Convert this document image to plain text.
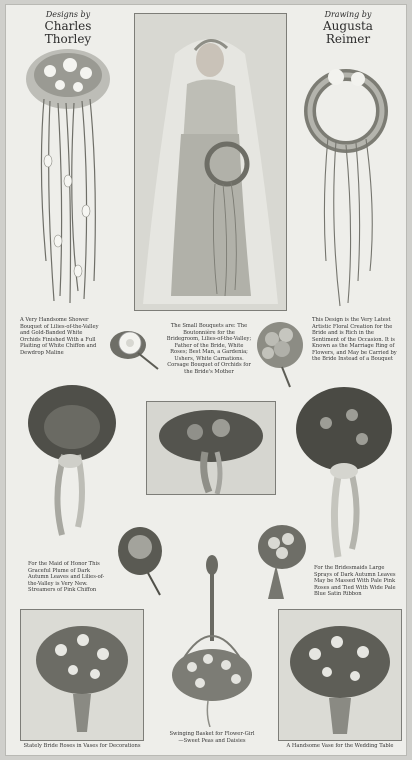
Designs by
Charles Thorley
Drawing by
Augusta Reimer
A Very Handsome Shower Bouquet of Lilies-of-the-Valley and Gold-Banded White Orchids Finished With a Full Plaiting of White Chiffon and Dewdrop Maline
The Small Bouquets are: The Boutonnière for the Bridegroom, Lilies-of-the-Valley; Father of the Bride, White Roses; Best Man, a Gardenia; Ushers, White Carnations. Corsage Bouquet of Orchids for the Bride's Mother
This Design is the Very Latest Artistic Floral Creation for the Bride and is Rich in the Sentiment of the Occasion. It is Known as the Marriage Ring of Flowers, and May be Carried by the Bride Instead of a Bouquet
For the Maid of Honor This Graceful Plume of Dark Autumn Leaves and Lilies-of-the-Valley is Very New. Streamers of Pink Chiffon
For the Bridesmaids Large Sprays of Dark Autumn Leaves May be Massed With Pale Pink Roses and Tied With Wide Pale Blue Satin Ribbon
Stately Bride Roses in Vases for Decorations
Swinging Basket for Flower-Girl—Sweet Peas and Daisies
A Handsome Vase for the Wedding Table
